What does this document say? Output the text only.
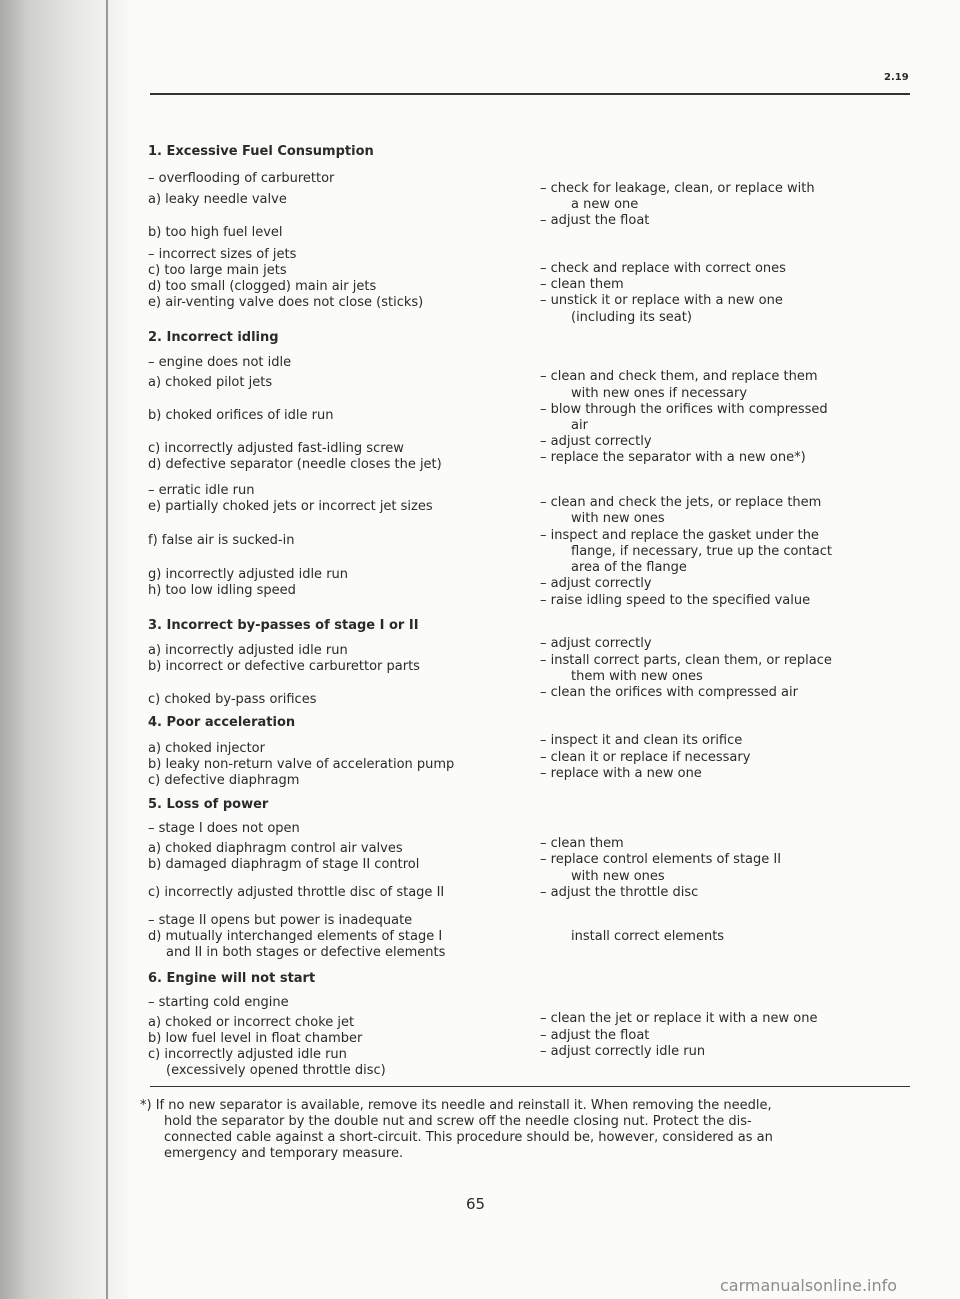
2.19
1. Excessive Fuel Consumption
– overflooding of carburettor
a) leaky needle valve
b) too high fuel level
– incorrect sizes of jets
c) too large main jets
d) too small (clogged) main air jets
e) air-venting valve does not close (sticks)
2. Incorrect idling
– engine does not idle
a) choked pilot jets
b) choked orifices of idle run
c) incorrectly adjusted fast-idling screw
d) defective separator (needle closes the jet)
– erratic idle run
e) partially choked jets or incorrect jet sizes
f) false air is sucked-in
g) incorrectly adjusted idle run
h) too low idling speed
3. Incorrect by-passes of stage I or II
a) incorrectly adjusted idle run
b) incorrect or defective carburettor parts
c) choked by-pass orifices
4. Poor acceleration
a) choked injector
b) leaky non-return valve of acceleration pump
c) defective diaphragm
5. Loss of power
– stage I does not open
a) choked diaphragm control air valves
b) damaged diaphragm of stage II control
c) incorrectly adjusted throttle disc of stage II
– stage II opens but power is inadequate
d) mutually interchanged elements of stage I
and II in both stages or defective elements
6. Engine will not start
– starting cold engine
a) choked or incorrect choke jet
b) low fuel level in float chamber
c) incorrectly adjusted idle run
(excessively opened throttle disc)
– check for leakage, clean, or replace with
a new one
– adjust the float
– check and replace with correct ones
– clean them
– unstick it or replace with a new one
(including its seat)
– clean and check them, and replace them
with new ones if necessary
– blow through the orifices with compressed
air
– adjust correctly
– replace the separator with a new one*)
– clean and check the jets, or replace them
with new ones
– inspect and replace the gasket under the
flange, if necessary, true up the contact
area of the flange
– adjust correctly
– raise idling speed to the specified value
– adjust correctly
– install correct parts, clean them, or replace
them with new ones
– clean the orifices with compressed air
– inspect it and clean its orifice
– clean it or replace if necessary
– replace with a new one
– clean them
– replace control elements of stage II
with new ones
– adjust the throttle disc
install correct elements
– clean the jet or replace it with a new one
– adjust the float
– adjust correctly idle run
*) If no new separator is available, remove its needle and reinstall it. When removing the needle,
hold the separator by the double nut and screw off the needle closing nut. Protect the dis-
connected cable against a short-circuit. This procedure should be, however, considered as an
emergency and temporary measure.
65
carmanualsonline.info
